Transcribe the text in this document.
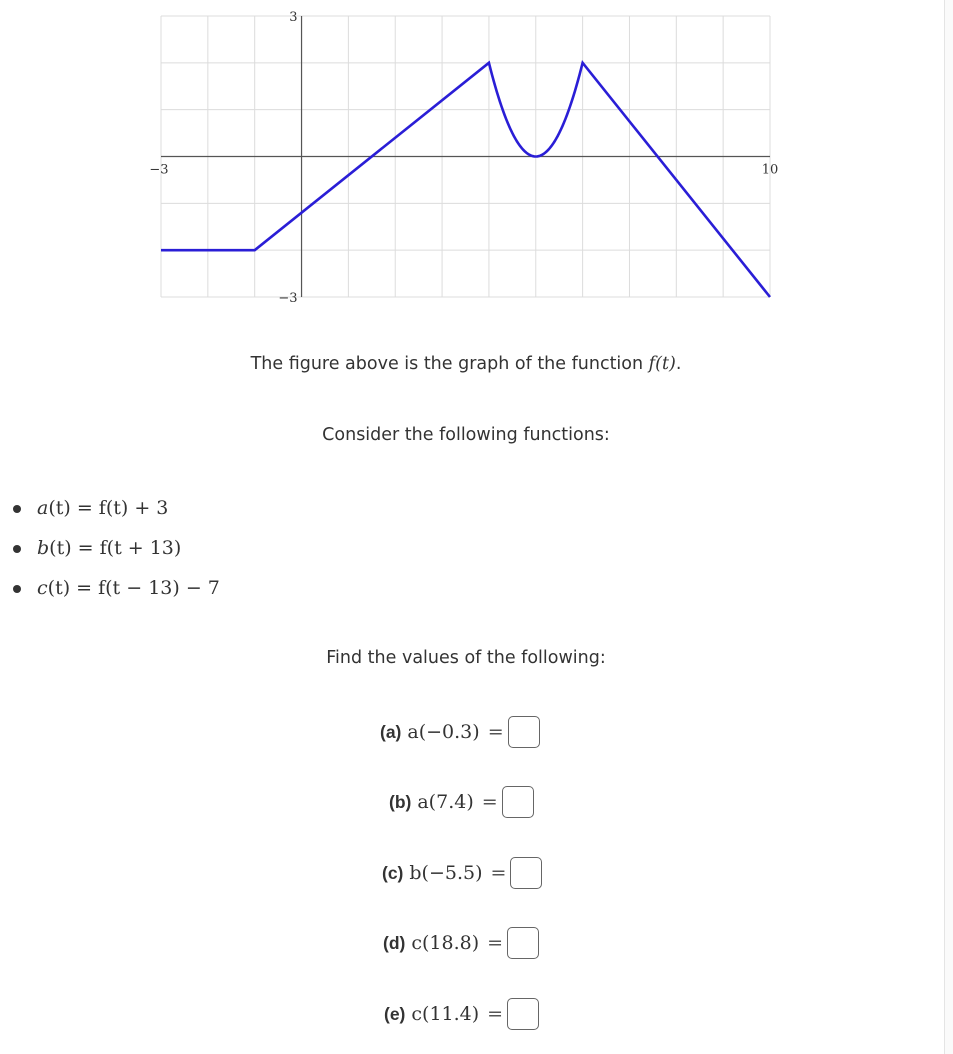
−3	10
3
−3
The figure above is the graph of the function f(t).
Consider the following functions:
a(t) = f(t) + 3
b(t) = f(t + 13)
c(t) = f(t − 13) − 7
Find the values of the following:
(a) a(−0.3) =
(b) a(7.4) =
(c) b(−5.5) =
(d) c(18.8) =
(e) c(11.4) =
